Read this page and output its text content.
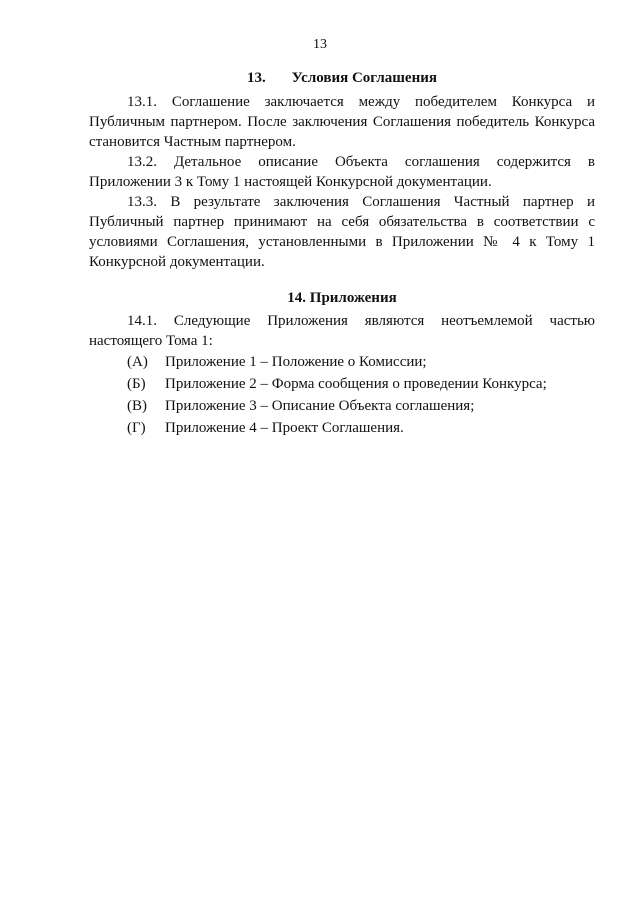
13

13. Условия Соглашения

13.1. Соглашение заключается между победителем Конкурса и Публичным партнером. После заключения Соглашения победитель Конкурса становится Частным партнером.

13.2. Детальное описание Объекта соглашения содержится в Приложении 3 к Тому 1 настоящей Конкурсной документации.

13.3. В результате заключения Соглашения Частный партнер и Публичный партнер принимают на себя обязательства в соответствии с условиями Соглашения, установленными в Приложении № 4 к Тому 1 Конкурсной документации.

14. Приложения

14.1. Следующие Приложения являются неотъемлемой частью настоящего Тома 1:

(А)	Приложение 1 – Положение о Комиссии;
(Б)	Приложение 2 – Форма сообщения о проведении Конкурса;
(В)	Приложение 3 – Описание Объекта соглашения;
(Г)	Приложение 4 – Проект Соглашения.
